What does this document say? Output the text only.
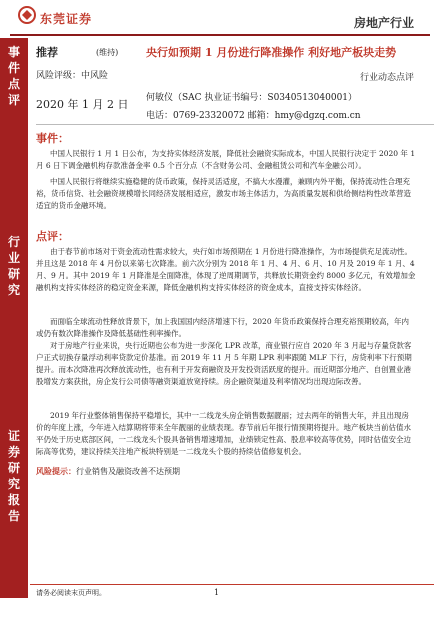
东莞证券	房地产行业
事件点评
行业研究
证券研究报告
推荐	(维持)
风险评级：中风险
2020 年 1 月 2 日
央行如预期 1 月份进行降准操作 利好地产板块走势
行业动态点评
何敏仪（SAC 执业证书编号：S0340513040001）
电话：0769-23320072 邮箱：hmy@dgzq.com.cn
事件：
中国人民银行 1 月 1 日公布，为支持实体经济发展，降低社会融资实际成本，中国人民银行决定于 2020 年 1 月 6 日下调金融机构存款准备金率 0.5 个百分点（不含财务公司、金融租赁公司和汽车金融公司）。
中国人民银行将继续实施稳健的货币政策，保持灵活适度，不搞大水漫灌，兼顾内外平衡，保持流动性合理充裕，货币信贷、社会融资规模增长同经济发展相适应，激发市场主体活力，为高质量发展和供给侧结构性改革营造适宜的货币金融环境。
点评：
由于春节前市场对于资金流动性需求较大，央行如市场预期在 1 月份进行降准操作，为市场提供充足流动性。并且这是 2018 年 4 月份以来第七次降准。前六次分别为 2018 年 1 月、4 月、6 月、10 月及 2019 年 1 月、4 月、9 月。其中 2019 年 1 月降准是全面降准，体现了逆周期调节，共释放长期资金约 8000 多亿元，有效增加金融机构支持实体经济的稳定资金来源，降低金融机构支持实体经济的资金成本，直接支持实体经济。
而面临全球流动性释放背景下，加上我国国内经济增速下行，2020 年货币政策保持合理充裕预期较高，年内或仍有数次降准操作及降低基础性利率操作。
对于房地产行业来说，央行近期也公布为进一步深化 LPR 改革，商业银行应自 2020 年 3 月起与存量贷款客户正式切换存量浮动利率贷款定价基准。而 2019 年 11 月 5 年期 LPR 利率跟随 MLF 下行，房贷利率下行预期提升。而本次降准再次释放流动性，也有利于开发商融资及开发投资活跃度的提升。而近期部分地产、自创置业港股增发方案获批，房企发行公司债等融资渠道放宽持续。房企融资渠道及利率情况均出现边际改善。
2019 年行业整体销售保持平稳增长，其中一二线龙头房企销售数据靓丽；过去两年的销售大年，并且出现房价的年度上涨，今年进入结算期将带来全年靓丽的业绩表现。春节前后年报行情预期将提升。地产板块当前估值水平仍处于历史底部区间，一二线龙头个股具备销售增速增加，业绩锁定性高、股息率较高等优势，同时估值安全边际高等优势，建议持续关注地产板块特别是一二线龙头个股的持续估值修复机会。
风险提示：行业销售及融资改善不达预期
请务必阅读末页声明。	1
